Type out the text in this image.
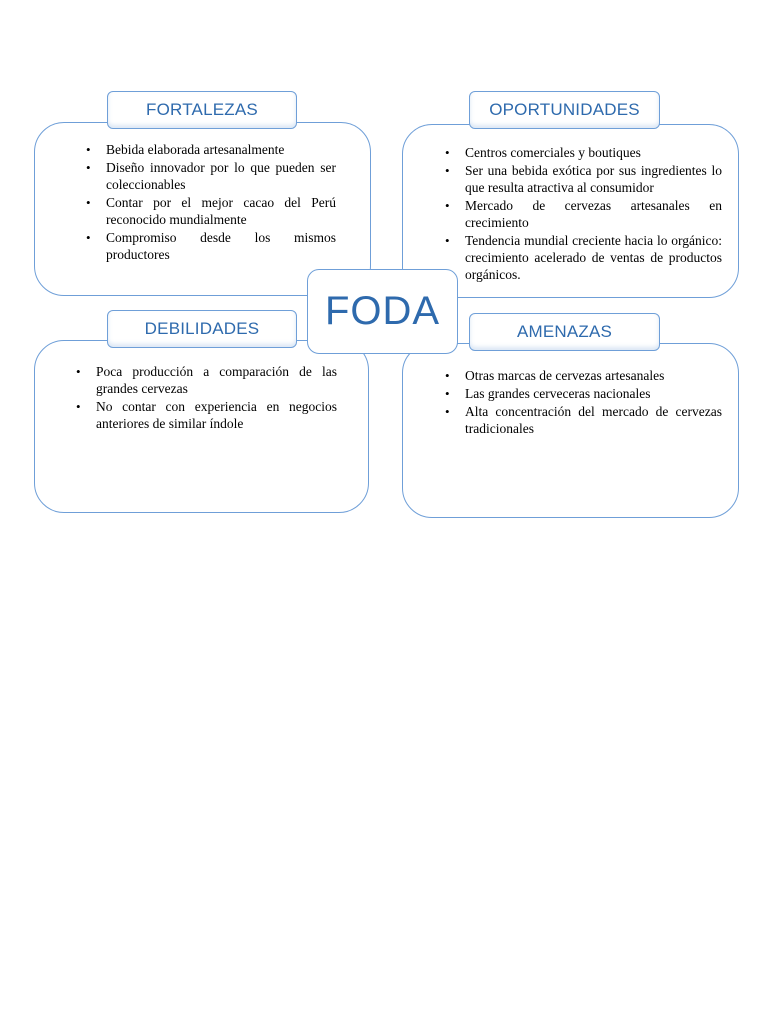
FORTALEZAS
• Bebida elaborada artesanalmente
• Diseño innovador por lo que pueden ser coleccionables
• Contar por el mejor cacao del Perú reconocido mundialmente
• Compromiso desde los mismos productores
OPORTUNIDADES
• Centros comerciales y boutiques
• Ser una bebida exótica por sus ingredientes lo que resulta atractiva al consumidor
• Mercado de cervezas artesanales en crecimiento
• Tendencia mundial creciente hacia lo orgánico: crecimiento acelerado de ventas de productos orgánicos.
DEBILIDADES
• Poca producción a comparación de las grandes cervezas
• No contar con experiencia en negocios anteriores de similar índole
AMENAZAS
• Otras marcas de cervezas artesanales
• Las grandes cerveceras nacionales
• Alta concentración del mercado de cervezas tradicionales
FODA
